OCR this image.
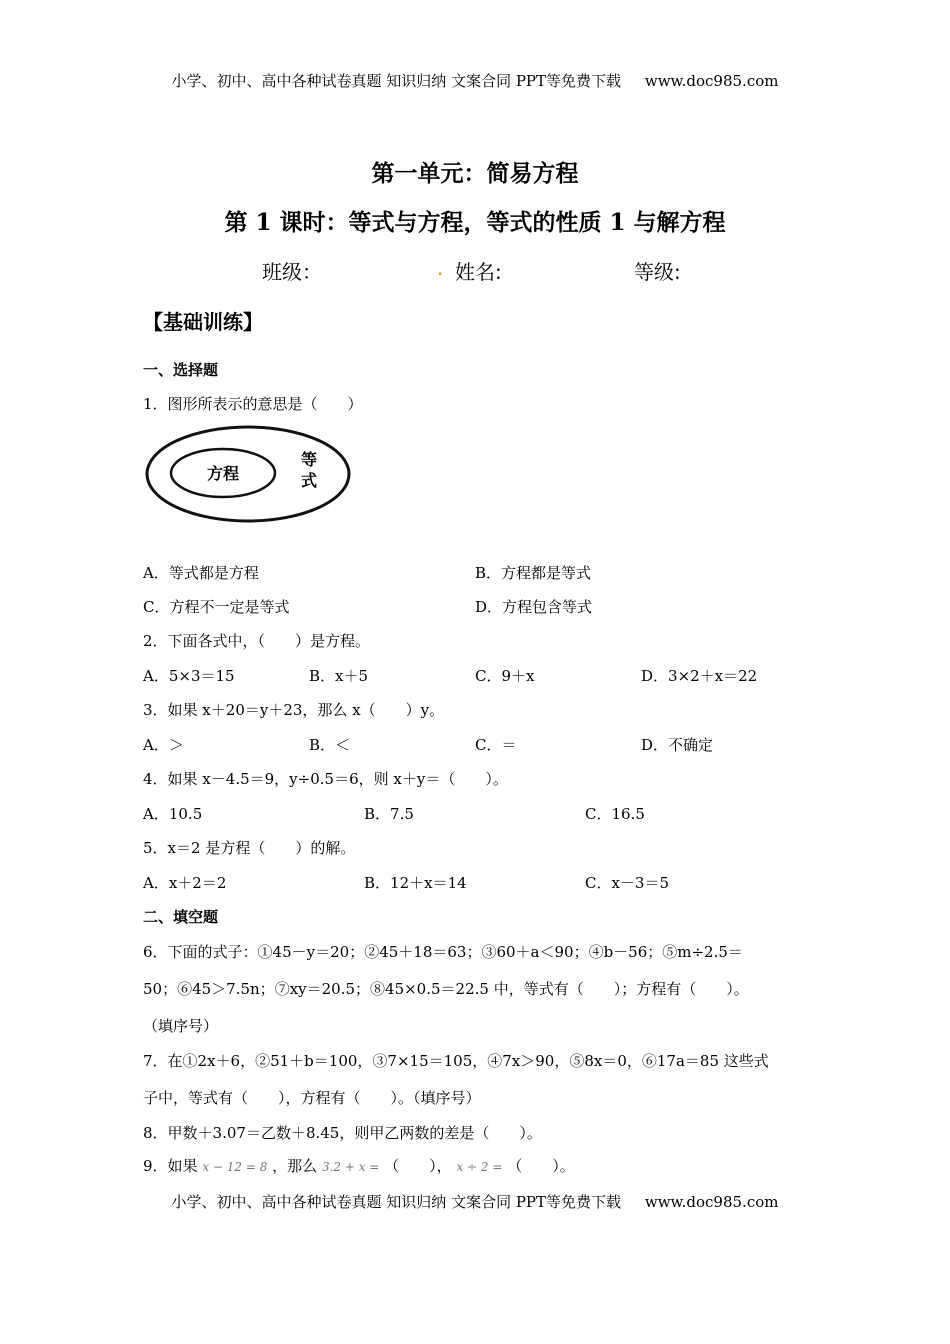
小学、初中、高中各种试卷真题 知识归纳 文案合同 PPT等免费下载 www.doc985.com
第一单元：简易方程
第 1 课时：等式与方程，等式的性质 1 与解方程
班级：	. 姓名:	等级:
【基础训练】
一、选择题
1．图形所表示的意思是（　　）
方程
等
式
A．等式都是方程	B．方程都是等式
C．方程不一定是等式	D．方程包含等式
2．下面各式中，（　　）是方程。
A．5×3＝15	B．x＋5	C．9＋x	D．3×2＋x＝22
3．如果 x＋20＝y＋23，那么 x（　　）y。
A．＞	B．＜	C．＝	D．不确定
4．如果 x－4.5＝9，y÷0.5＝6，则 x＋y＝（　　）。
A．10.5	B．7.5	C．16.5
5．x＝2 是方程（　　）的解。
A．x＋2＝2	B．12＋x＝14	C．x－3＝5
二、填空题
6．下面的式子：①45－y＝20；②45＋18＝63；③60＋a＜90；④b－56；⑤m÷2.5＝
50；⑥45＞7.5n；⑦xy＝20.5；⑧45×0.5＝22.5 中，等式有（　　）；方程有（　　）。
（填序号）
7．在①2x＋6，②51＋b＝100，③7×15＝105，④7x＞90，⑤8x＝0，⑥17a＝85 这些式
子中，等式有（　　），方程有（　　）。（填序号）
8．甲数＋3.07＝乙数＋8.45，则甲乙两数的差是（　　）。
9．如果 x − 12 = 8 ，那么 3.2 + x = （　　）， x ÷ 2 = （　　）。
小学、初中、高中各种试卷真题 知识归纳 文案合同 PPT等免费下载 www.doc985.com
